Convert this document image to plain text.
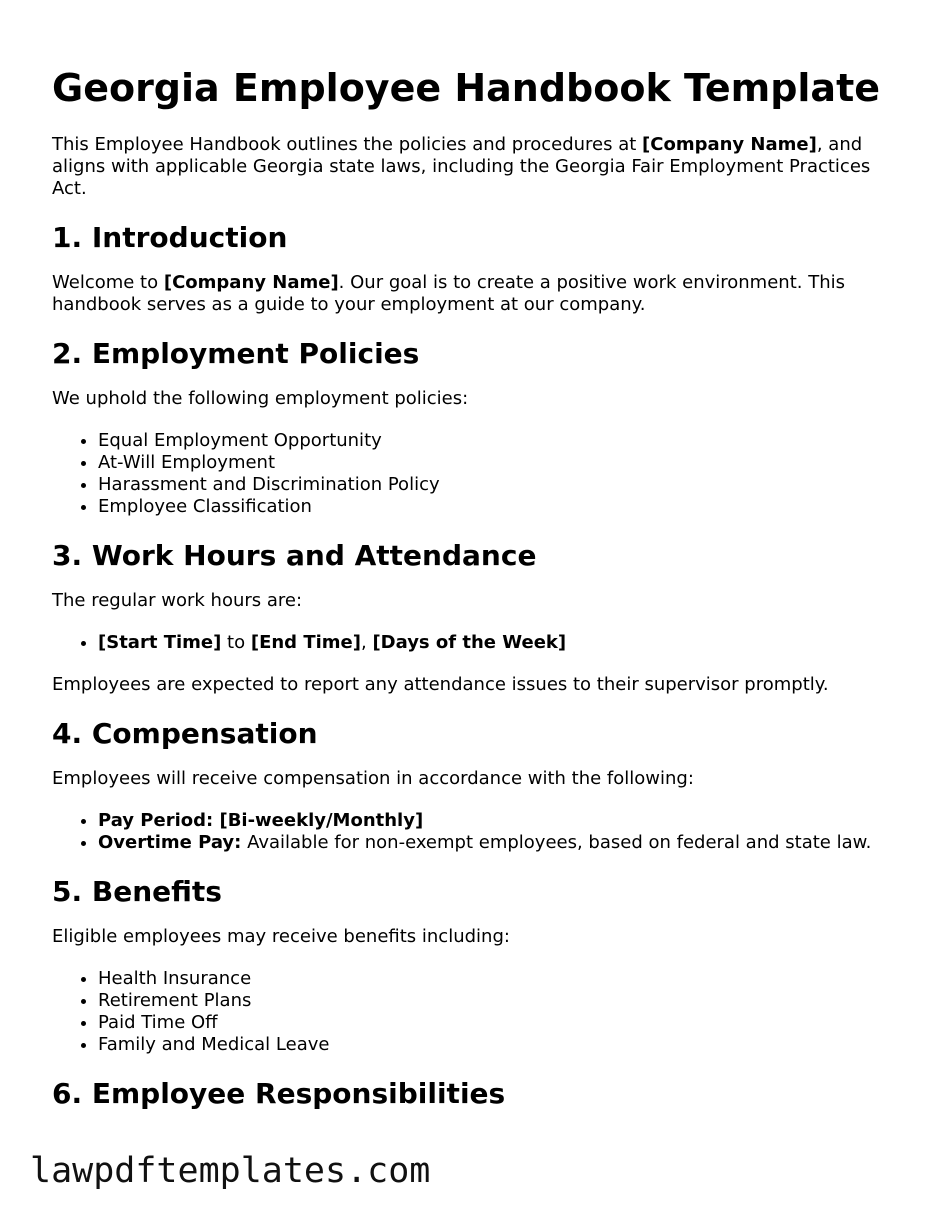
Georgia Employee Handbook Template

This Employee Handbook outlines the policies and procedures at [Company Name], and aligns with applicable Georgia state laws, including the Georgia Fair Employment Practices Act.

1. Introduction

Welcome to [Company Name]. Our goal is to create a positive work environment. This handbook serves as a guide to your employment at our company.

2. Employment Policies

We uphold the following employment policies:

• Equal Employment Opportunity
• At-Will Employment
• Harassment and Discrimination Policy
• Employee Classification
3. Work Hours and Attendance

The regular work hours are:

• [Start Time] to [End Time], [Days of the Week]

Employees are expected to report any attendance issues to their supervisor promptly.

4. Compensation

Employees will receive compensation in accordance with the following:

• Pay Period: [Bi-weekly/Monthly]
• Overtime Pay: Available for non-exempt employees, based on federal and state law.
5. Benefits

Eligible employees may receive benefits including:

• Health Insurance
• Retirement Plans
• Paid Time Off
• Family and Medical Leave
6. Employee Responsibilities
lawpdftemplates.com
